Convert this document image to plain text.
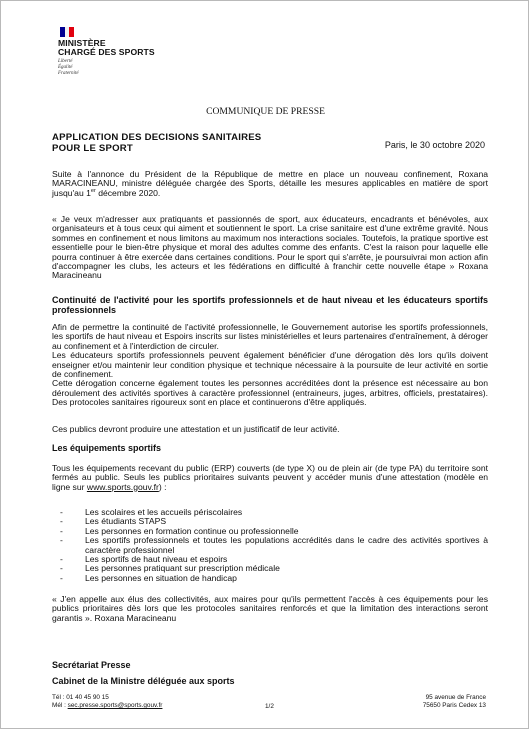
MINISTÈRE
CHARGÉ DES SPORTS
Liberté
Égalité
Fraternité
COMMUNIQUE DE PRESSE
APPLICATION DES DECISIONS SANITAIRES
POUR LE SPORT	Paris, le 30 octobre 2020

Suite à l'annonce du Président de la République de mettre en place un nouveau confinement, Roxana MARACINEANU, ministre déléguée chargée des Sports, détaille les mesures applicables en matière de sport jusqu'au 1er décembre 2020.

« Je veux m'adresser aux pratiquants et passionnés de sport, aux éducateurs, encadrants et bénévoles, aux organisateurs et à tous ceux qui aiment et soutiennent le sport. La crise sanitaire est d'une extrême gravité. Nous sommes en confinement et nous limitons au maximum nos interactions sociales. Toutefois, la pratique sportive est essentielle pour le bien-être physique et moral des adultes comme des enfants. C'est la raison pour laquelle elle pourra continuer à être exercée dans certaines conditions. Pour le sport qui s'arrête, je poursuivrai mon action afin d'accompagner les clubs, les acteurs et les fédérations en difficulté à franchir cette nouvelle étape » Roxana Maracineanu
Continuité de l'activité pour les sportifs professionnels et de haut niveau et les éducateurs sportifs professionnels

Afin de permettre la continuité de l'activité professionnelle, le Gouvernement autorise les sportifs professionnels, les sportifs de haut niveau et Espoirs inscrits sur listes ministérielles et leurs partenaires d'entraînement, à déroger au confinement et à l'interdiction de circuler.

Les éducateurs sportifs professionnels peuvent également bénéficier d'une dérogation dès lors qu'ils doivent enseigner et/ou maintenir leur condition physique et technique nécessaire à la poursuite de leur activité en sortie de confinement.

Cette dérogation concerne également toutes les personnes accréditées dont la présence est nécessaire au bon déroulement des activités sportives à caractère professionnel (entraineurs, juges, arbitres, officiels, prestataires). Des protocoles sanitaires rigoureux sont en place et continuerons d'être appliqués.

Ces publics devront produire une attestation et un justificatif de leur activité.
Les équipements sportifs
Tous les équipements recevant du public (ERP) couverts (de type X) ou de plein air (de type PA) du territoire sont fermés au public. Seuls les publics prioritaires suivants peuvent y accéder munis d'une attestation (modèle en ligne sur www.sports.gouv.fr) :
- Les scolaires et les accueils périscolaires
- Les étudiants STAPS
- Les personnes en formation continue ou professionnelle
- Les sportifs professionnels et toutes les populations accrédités dans le cadre des activités sportives à caractère professionnel
- Les sportifs de haut niveau et espoirs
- Les personnes pratiquant sur prescription médicale
- Les personnes en situation de handicap
« J'en appelle aux élus des collectivités, aux maires pour qu'ils permettent l'accès à ces équipements pour les publics prioritaires dès lors que les protocoles sanitaires renforcés et que la limitation des interactions seront garantis ». Roxana Maracineanu
Secrétariat Presse
Cabinet de la Ministre déléguée aux sports
Tél : 01 40 45 90 15
Mél : sec.presse.sports@sports.gouv.fr	1/2
95 avenue de France
75650 Paris Cedex 13
